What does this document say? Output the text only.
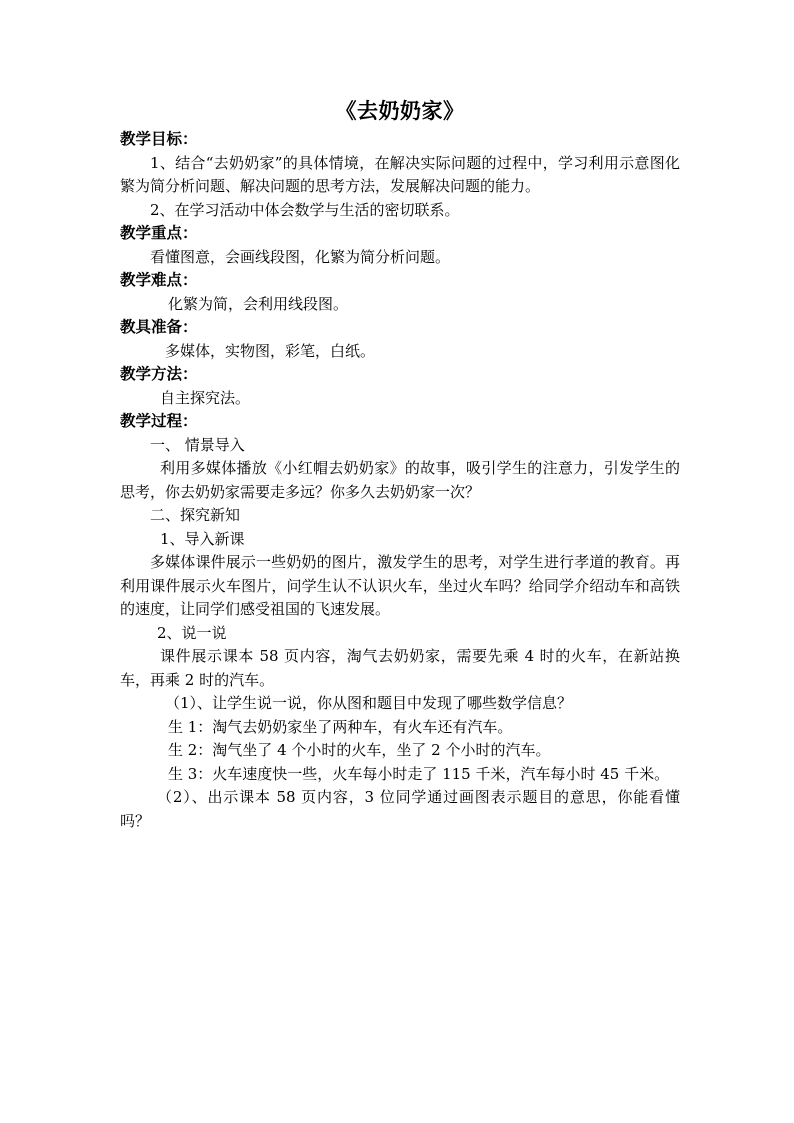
《去奶奶家》
教学目标：
1、结合“去奶奶家”的具体情境，在解决实际问题的过程中，学习利用示意图化繁为简分析问题、解决问题的思考方法，发展解决问题的能力。
2、在学习活动中体会数学与生活的密切联系。
教学重点：
看懂图意，会画线段图，化繁为简分析问题。
教学难点：
化繁为简，会利用线段图。
教具准备：
多媒体，实物图，彩笔，白纸。
教学方法：
自主探究法。
教学过程：
一、 情景导入
利用多媒体播放《小红帽去奶奶家》的故事，吸引学生的注意力，引发学生的思考，你去奶奶家需要走多远？你多久去奶奶家一次？
二、探究新知
1、导入新课
多媒体课件展示一些奶奶的图片，激发学生的思考，对学生进行孝道的教育。再利用课件展示火车图片，问学生认不认识火车，坐过火车吗？给同学介绍动车和高铁的速度，让同学们感受祖国的飞速发展。
2、说一说
课件展示课本 58 页内容，淘气去奶奶家，需要先乘 4 时的火车，在新站换车，再乘 2 时的汽车。
（1）、让学生说一说，你从图和题目中发现了哪些数学信息？
生 1：淘气去奶奶家坐了两种车，有火车还有汽车。
生 2：淘气坐了 4 个小时的火车，坐了 2 个小时的汽车。
生 3：火车速度快一些，火车每小时走了 115 千米，汽车每小时 45 千米。
（2）、出示课本 58 页内容，3 位同学通过画图表示题目的意思，你能看懂吗？
